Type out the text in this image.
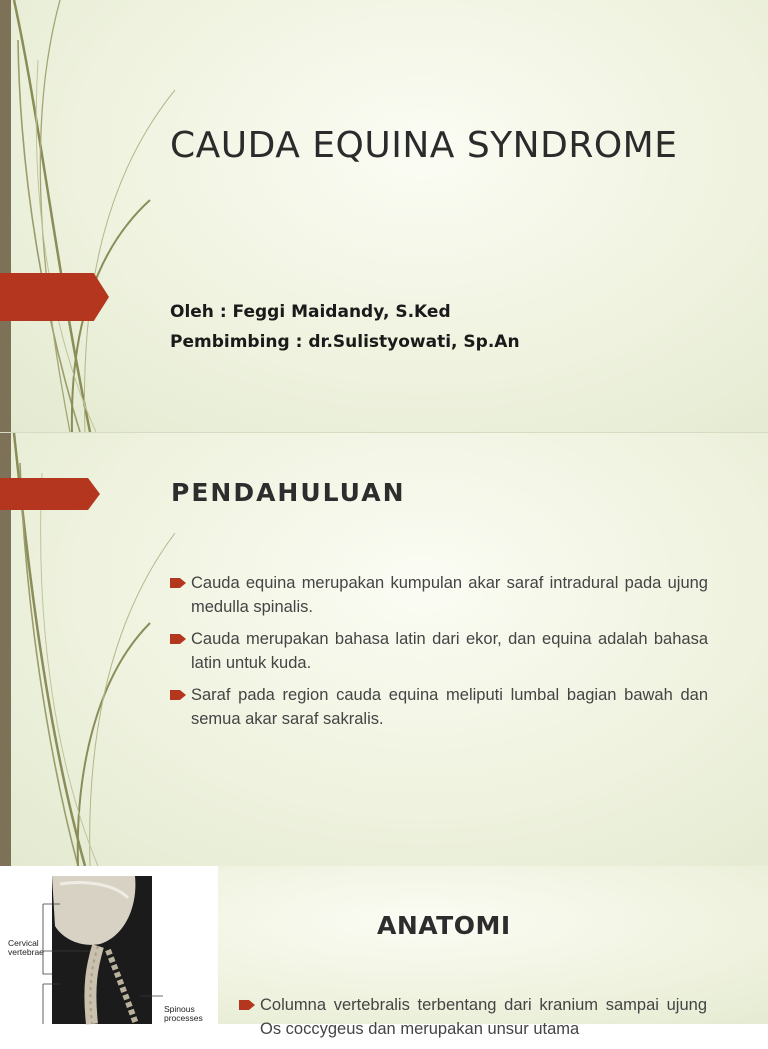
CAUDA EQUINA SYNDROME

Oleh : Feggi Maidandy, S.Ked

Pembimbing : dr.Sulistyowati, Sp.An

PENDAHULUAN
Cauda equina merupakan kumpulan akar saraf intradural pada ujung medulla spinalis.
Cauda merupakan bahasa latin dari ekor, dan equina adalah bahasa latin untuk kuda.
Saraf pada region cauda equina meliputi lumbal bagian bawah dan semua akar saraf sakralis.
Cervical vertebrae
Spinous processes
ANATOMI
Columna vertebralis terbentang dari kranium sampai ujung Os coccygeus dan merupakan unsur utama
